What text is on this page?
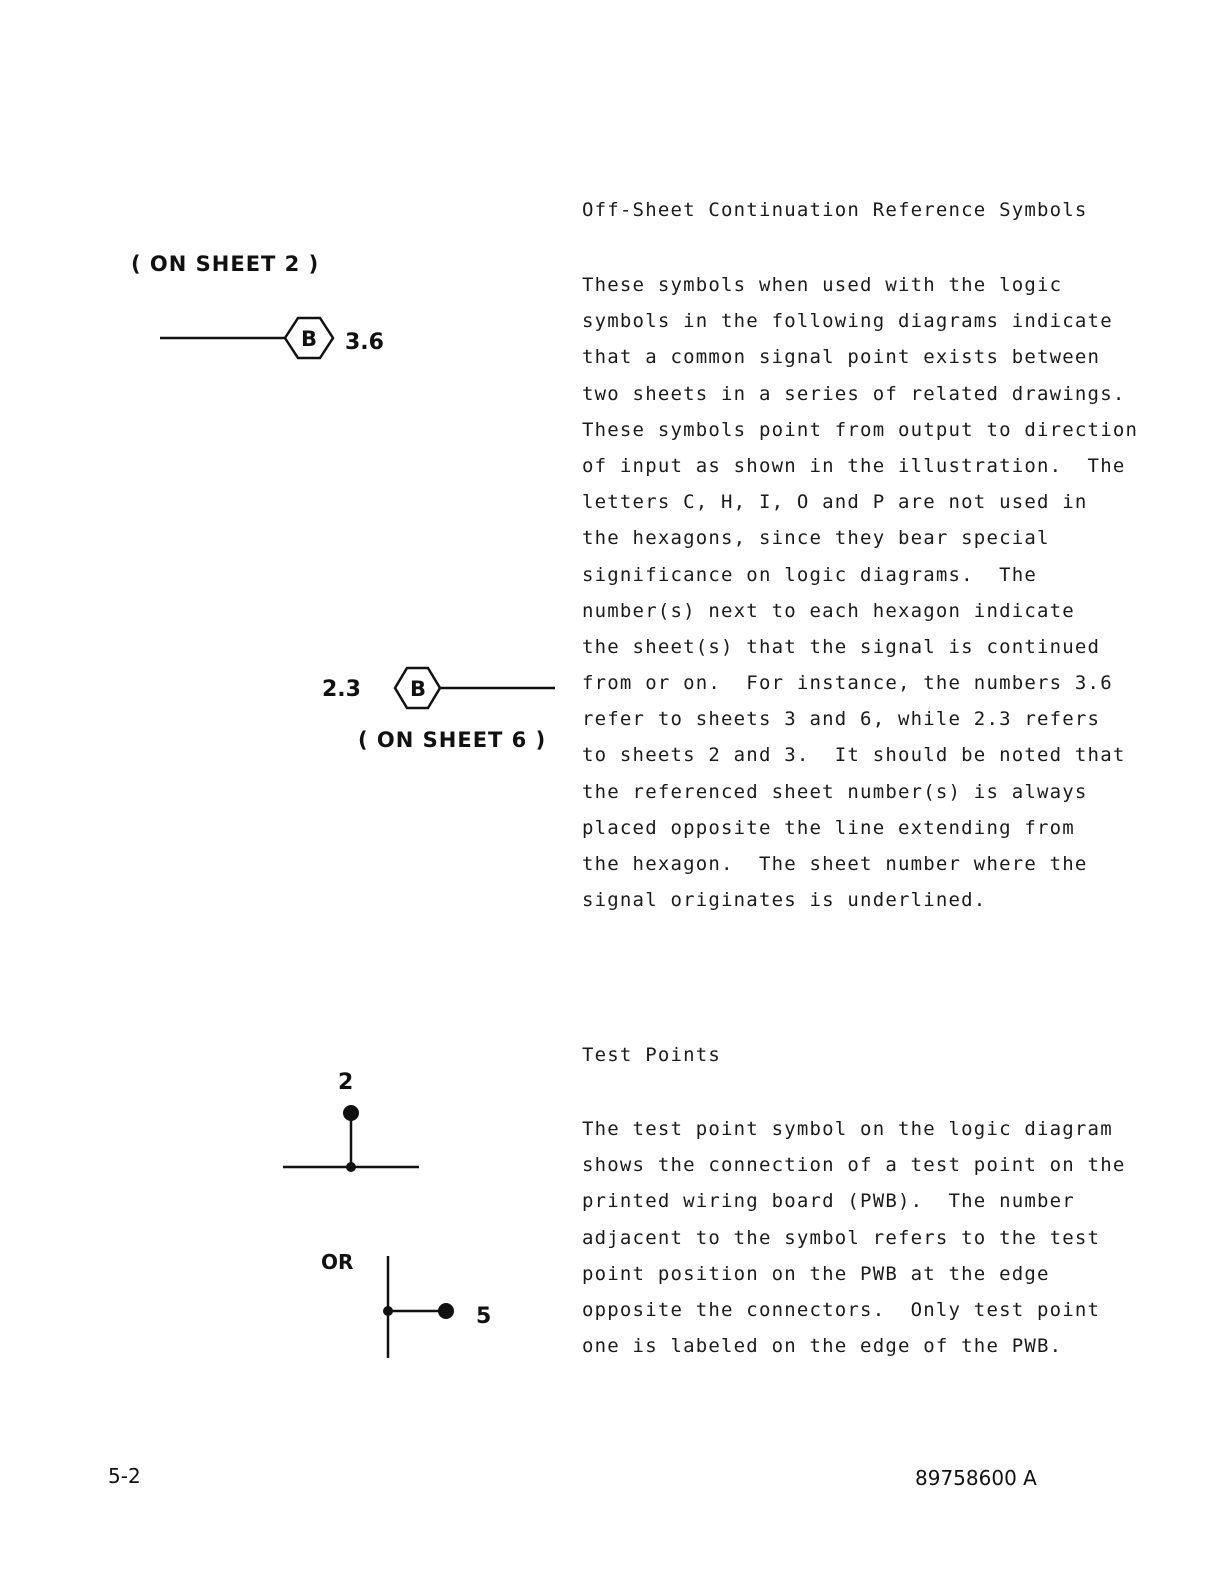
Off-Sheet Continuation Reference Symbols
These symbols when used with the logic
symbols in the following diagrams indicate
that a common signal point exists between
two sheets in a series of related drawings.
These symbols point from output to direction
of input as shown in the illustration.  The
letters C, H, I, O and P are not used in
the hexagons, since they bear special
significance on logic diagrams.  The
number(s) next to each hexagon indicate
the sheet(s) that the signal is continued
from or on.  For instance, the numbers 3.6
refer to sheets 3 and 6, while 2.3 refers
to sheets 2 and 3.  It should be noted that
the referenced sheet number(s) is always
placed opposite the line extending from
the hexagon.  The sheet number where the
signal originates is underlined.
Test Points
The test point symbol on the logic diagram
shows the connection of a test point on the
printed wiring board (PWB).  The number
adjacent to the symbol refers to the test
point position on the PWB at the edge
opposite the connectors.  Only test point
one is labeled on the edge of the PWB.
( ON SHEET 2 )
B 3.6
2.3 B
( ON SHEET 6 )
2
OR
5
5-2	89758600 A
